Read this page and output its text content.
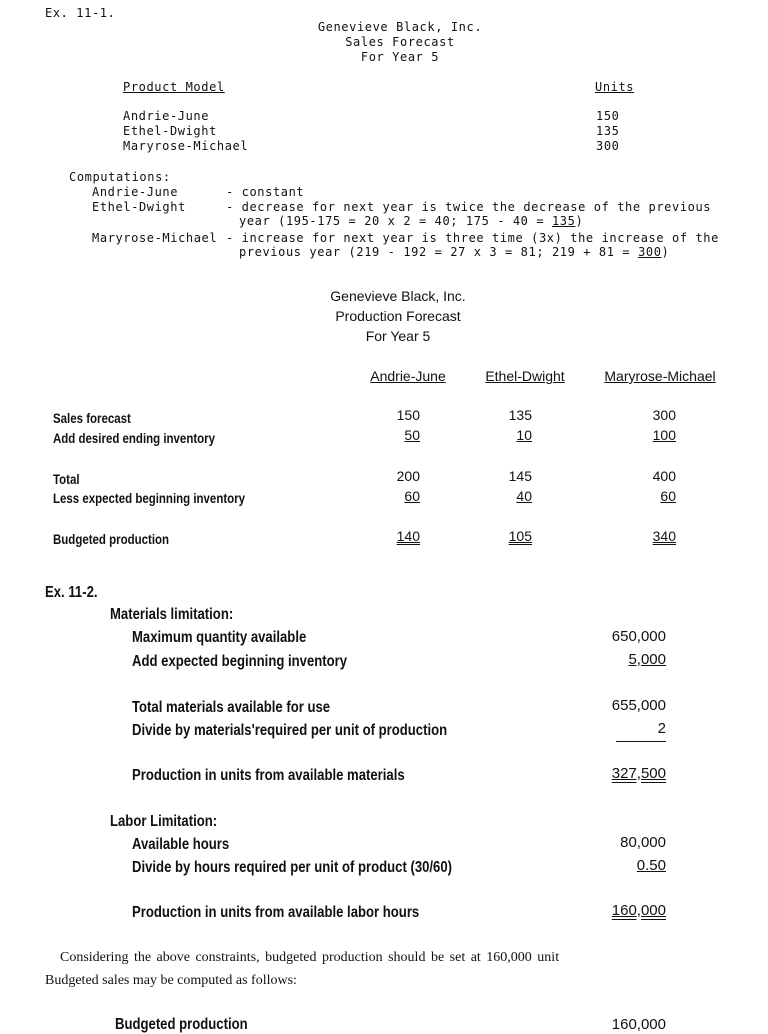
Ex. 11-1.
Genevieve Black, Inc.
Sales Forecast
For Year 5
Product Model	Units
Andrie-June	150
Ethel-Dwight	135
Maryrose-Michael	300
Computations:
Andrie-June	- constant
Ethel-Dwight	- decrease for next year is twice the decrease of the previous
year (195-175 = 20 x 2 = 40; 175 - 40 = 135)
Maryrose-Michael - increase for next year is three time (3x) the increase of the
previous year (219 - 192 = 27 x 3 = 81; 219 + 81 = 300)
Genevieve Black, Inc.
Production Forecast
For Year 5
Andrie-June	Ethel-Dwight	Maryrose-Michael
Sales forecast	150	135	300
Add desired ending inventory	50	10	100
Total	200	145	400
Less expected beginning inventory	60	40	60
Budgeted production	140	105	340
Ex. 11-2.
Materials limitation:
Maximum quantity available	650,000
Add expected beginning inventory	5,000
Total materials available for use	655,000
Divide by materials'required per unit of production	2
Production in units from available materials	327,500
Labor Limitation:
Available hours	80,000
Divide by hours required per unit of product (30/60)	0.50
Production in units from available labor hours	160,000
Considering the above constraints, budgeted production should be set at 160,000 unit
Budgeted sales may be computed as follows:
Budgeted production	160,000
